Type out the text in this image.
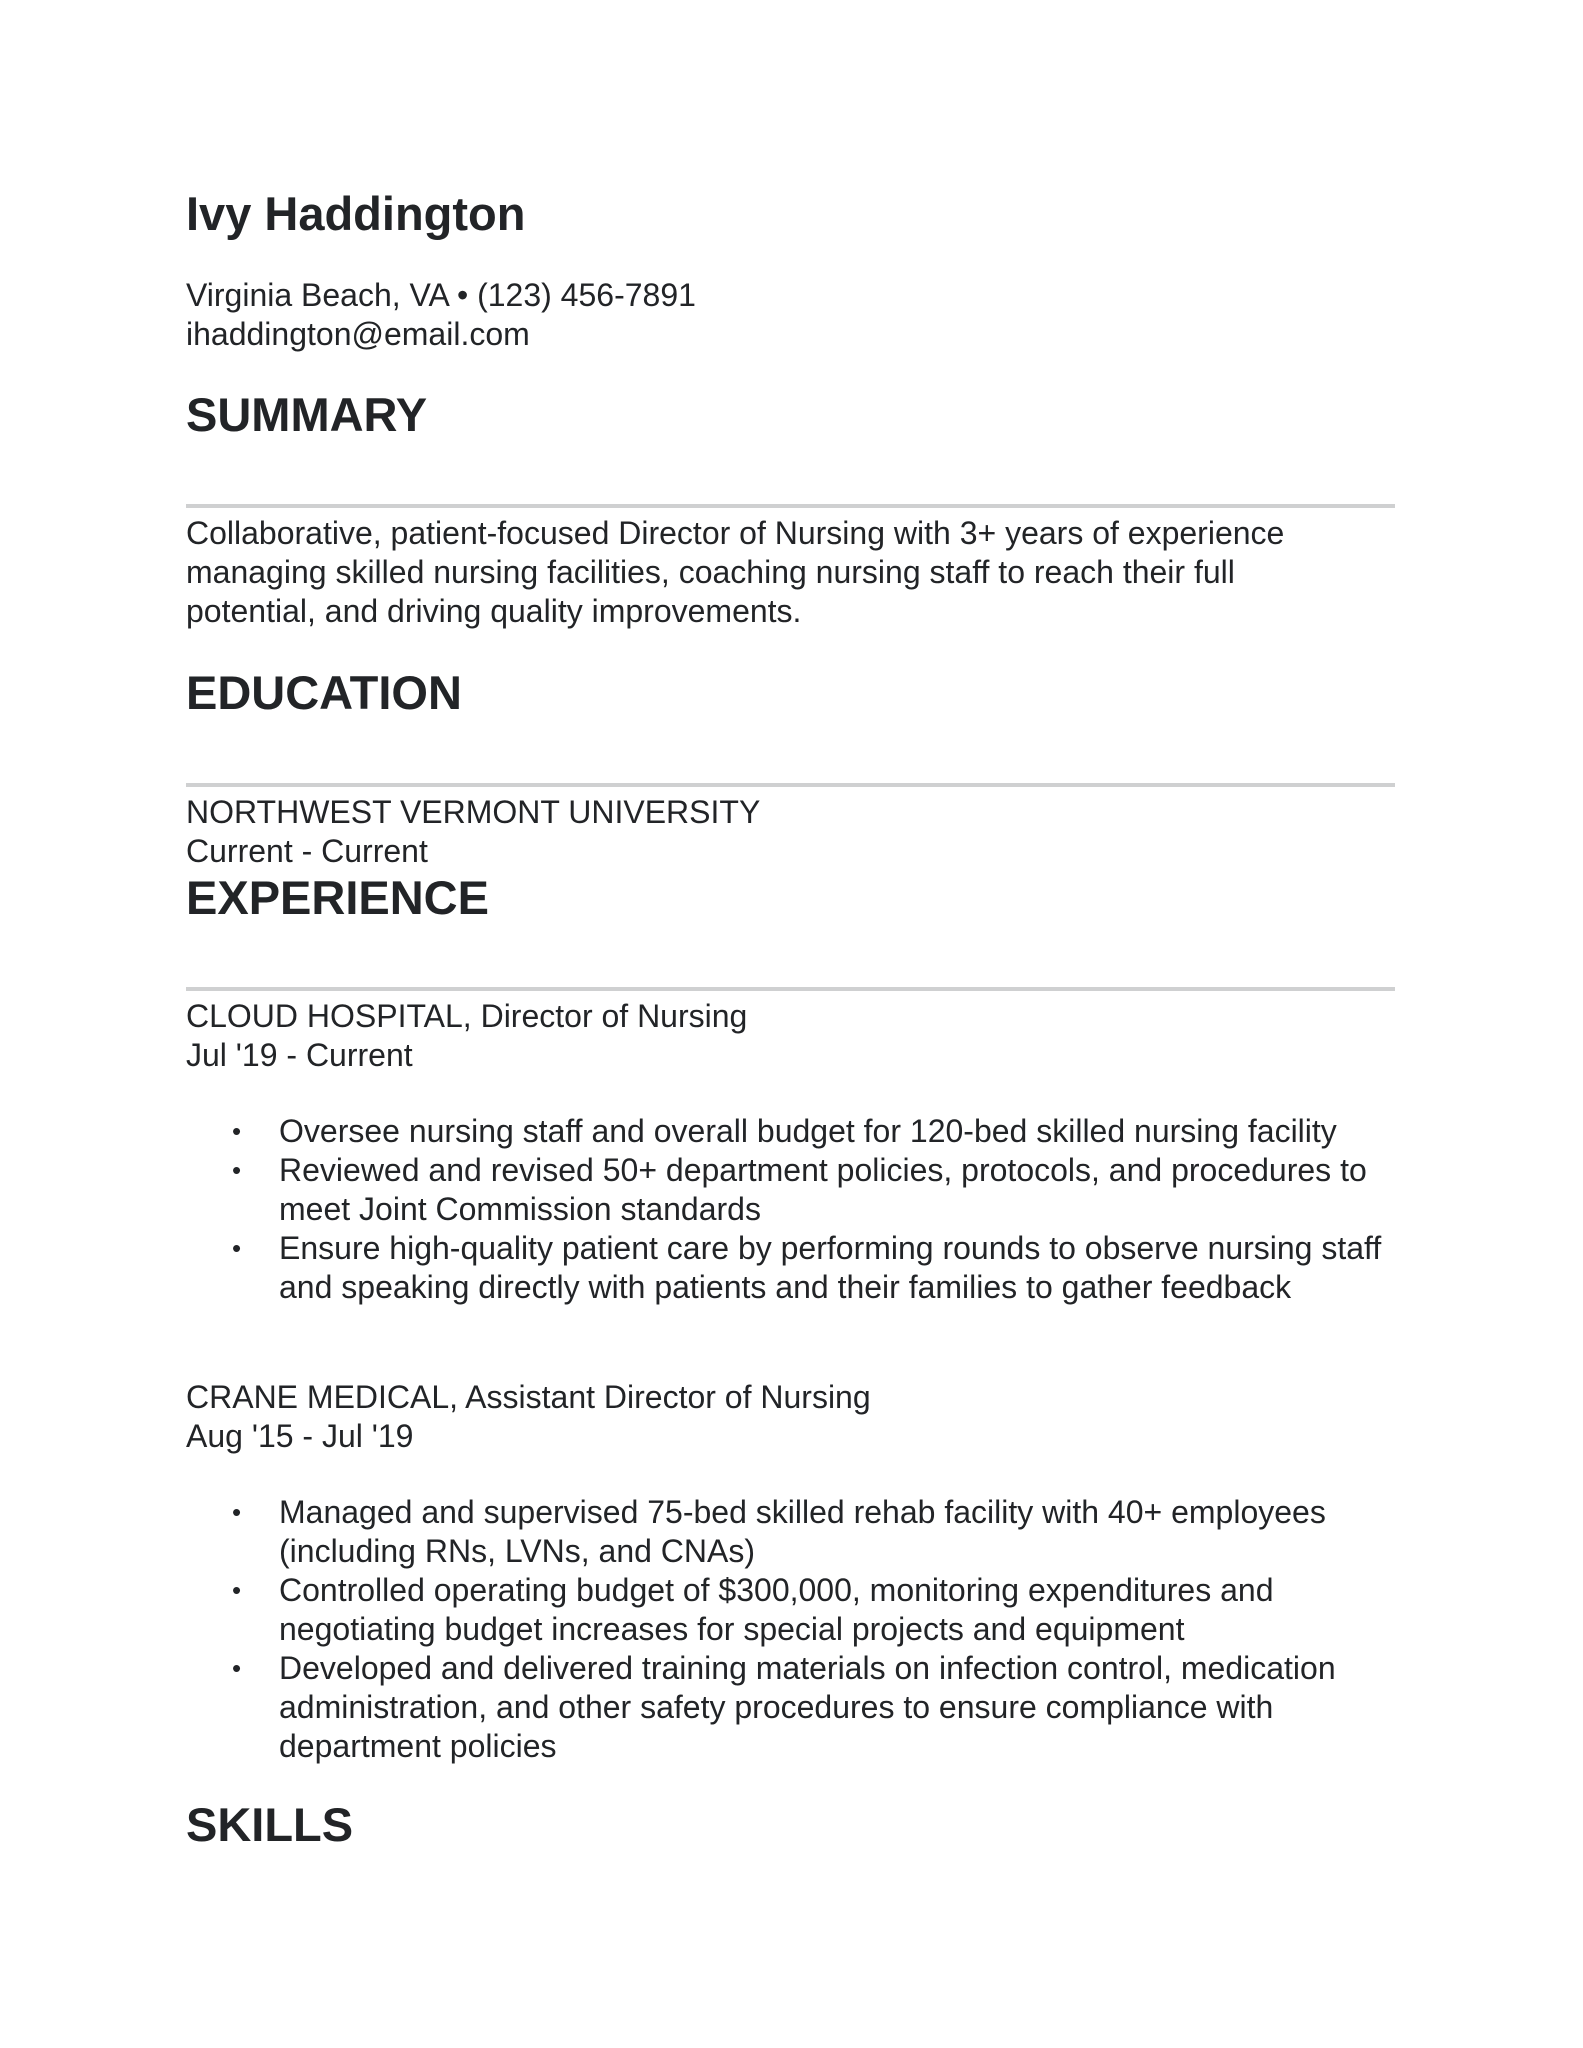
Ivy Haddington
Virginia Beach, VA • (123) 456-7891
ihaddington@email.com
SUMMARY

Collaborative, patient-focused Director of Nursing with 3+ years of experience managing skilled nursing facilities, coaching nursing staff to reach their full potential, and driving quality improvements.

EDUCATION
NORTHWEST VERMONT UNIVERSITY
Current - Current
EXPERIENCE
CLOUD HOSPITAL, Director of Nursing
Jul '19 - Current
• Oversee nursing staff and overall budget for 120-bed skilled nursing facility
• Reviewed and revised 50+ department policies, protocols, and procedures to meet Joint Commission standards
• Ensure high-quality patient care by performing rounds to observe nursing staff and speaking directly with patients and their families to gather feedback
CRANE MEDICAL, Assistant Director of Nursing
Aug '15 - Jul '19
• Managed and supervised 75-bed skilled rehab facility with 40+ employees (including RNs, LVNs, and CNAs)
• Controlled operating budget of $300,000, monitoring expenditures and negotiating budget increases for special projects and equipment
• Developed and delivered training materials on infection control, medication administration, and other safety procedures to ensure compliance with department policies
SKILLS
